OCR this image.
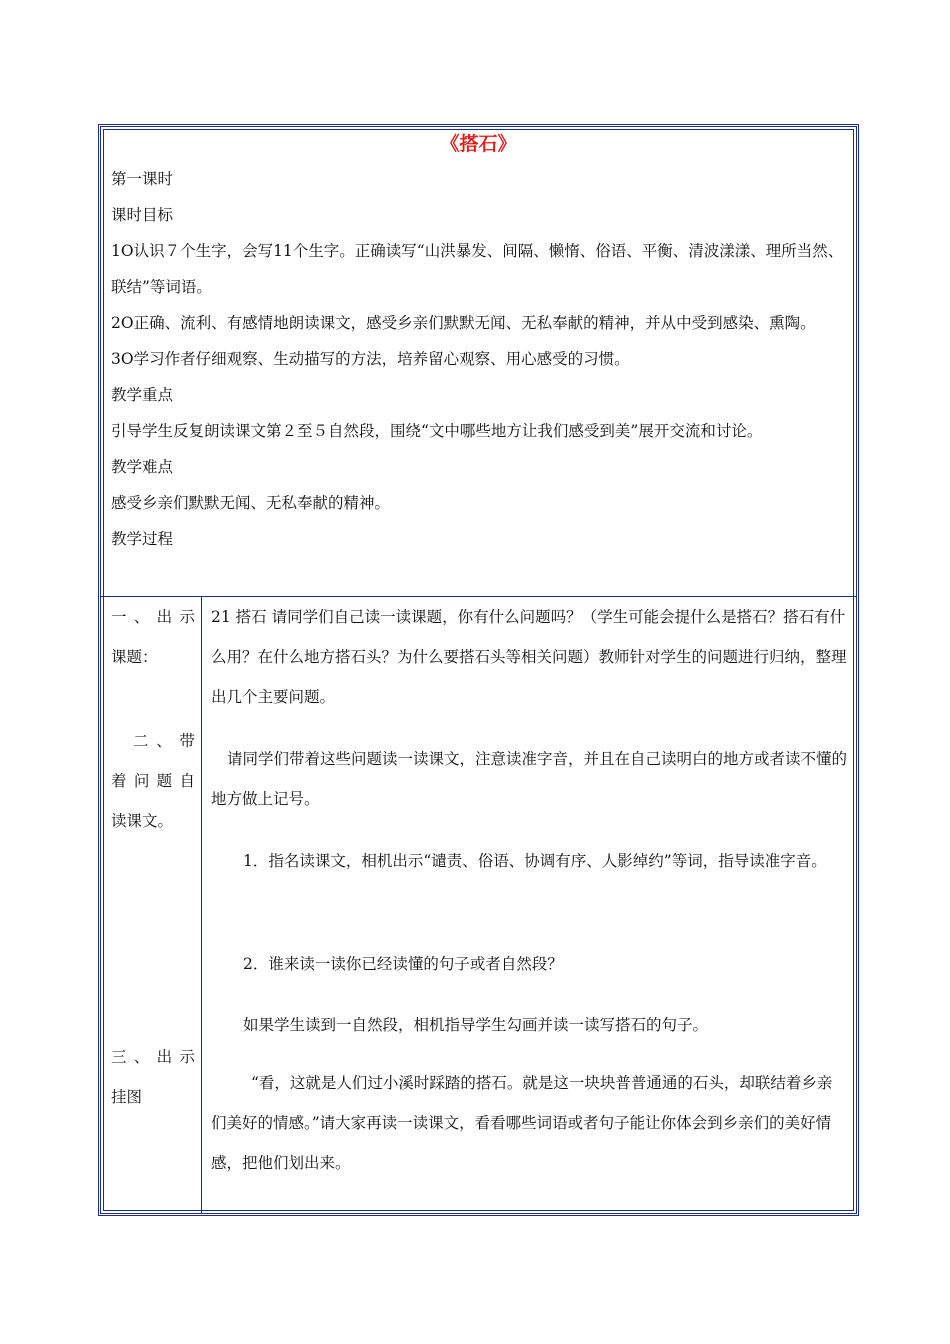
《搭石》

第一课时

课时目标

1O认识７个生字，会写11个生字。正确读写“山洪暴发、间隔、懒惰、俗语、平衡、清波漾漾、理所当然、联结”等词语。

2O正确、流利、有感情地朗读课文，感受乡亲们默默无闻、无私奉献的精神，并从中受到感染、熏陶。

3O学习作者仔细观察、生动描写的方法，培养留心观察、用心感受的习惯。

教学重点

引导学生反复朗读课文第２至５自然段，围绕“文中哪些地方让我们感受到美”展开交流和讨论。

教学难点

感受乡亲们默默无闻、无私奉献的精神。

教学过程

一 、 出 示
课题：
二 、 带
着 问 题 自
读课文。
三 、 出 示
挂图
21 搭石 请同学们自己读一读课题，你有什么问题吗？（学生可能会提什么是搭石？搭石有什么用？在什么地方搭石头？为什么要搭石头等相关问题）教师针对学生的问题进行归纳，整理出几个主要问题。
请同学们带着这些问题读一读课文，注意读准字音，并且在自己读明白的地方或者读不懂的地方做上记号。
1．指名读课文，相机出示“谴责、俗语、协调有序、人影绰约”等词，指导读准字音。
2．谁来读一读你已经读懂的句子或者自然段？
如果学生读到一自然段，相机指导学生勾画并读一读写搭石的句子。
“看，这就是人们过小溪时踩踏的搭石。就是这一块块普普通通的石头，却联结着乡亲们美好的情感。”请大家再读一读课文，看看哪些词语或者句子能让你体会到乡亲们的美好情感，把他们划出来。
